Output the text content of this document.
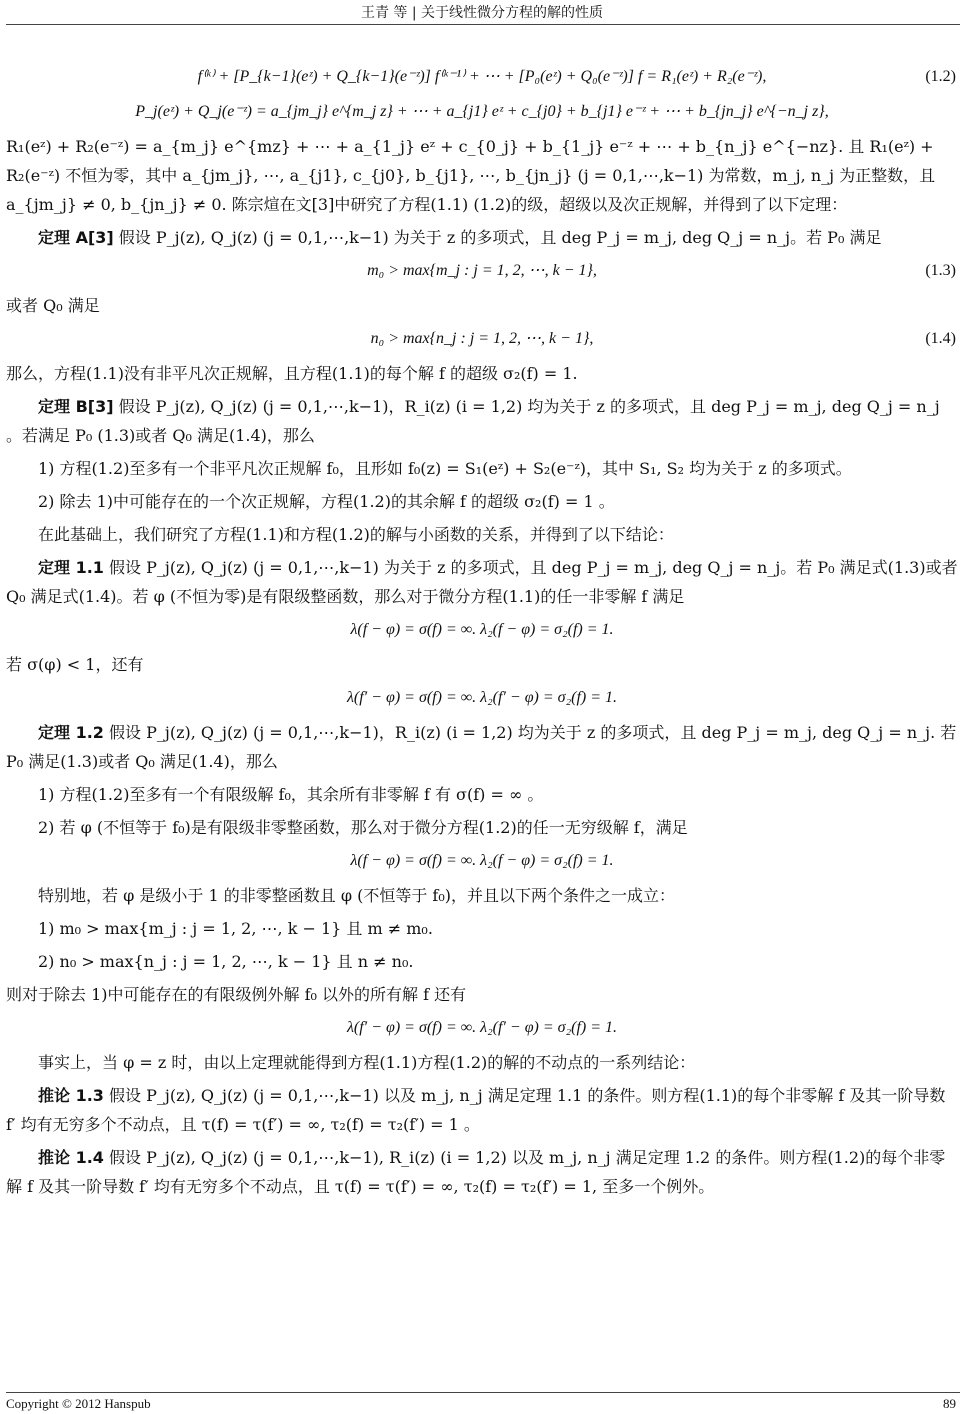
王青 等 | 关于线性微分方程的解的性质
f⁽ᵏ⁾ + [P_{k−1}(eᶻ) + Q_{k−1}(e⁻ᶻ)] f⁽ᵏ⁻¹⁾ + ⋯ + [P₀(eᶻ) + Q₀(e⁻ᶻ)] f = R₁(eᶻ) + R₂(e⁻ᶻ),	(1.2)
P_j(eᶻ) + Q_j(e⁻ᶻ) = a_{jm_j} e^{m_j z} + ⋯ + a_{j1} eᶻ + c_{j0} + b_{j1} e⁻ᶻ + ⋯ + b_{jn_j} e^{−n_j z},

R₁(eᶻ) + R₂(e⁻ᶻ) = a_{m_j} e^{mz} + ⋯ + a_{1_j} eᶻ + c_{0_j} + b_{1_j} e⁻ᶻ + ⋯ + b_{n_j} e^{−nz}. 且 R₁(eᶻ) + R₂(e⁻ᶻ) 不恒为零，其中 a_{jm_j}, ⋯, a_{j1}, c_{j0}, b_{j1}, ⋯, b_{jn_j} (j = 0,1,⋯,k−1) 为常数，m_j, n_j 为正整数，且 a_{jm_j} ≠ 0, b_{jn_j} ≠ 0. 陈宗煊在文[3]中研究了方程(1.1) (1.2)的级，超级以及次正规解，并得到了以下定理：

定理 A[3] 假设 P_j(z), Q_j(z) (j = 0,1,⋯,k−1) 为关于 z 的多项式，且 deg P_j = m_j, deg Q_j = n_j。若 P₀ 满足

m₀ > max{m_j : j = 1, 2, ⋯, k − 1},	(1.3)

或者 Q₀ 满足

n₀ > max{n_j : j = 1, 2, ⋯, k − 1},	(1.4)

那么，方程(1.1)没有非平凡次正规解，且方程(1.1)的每个解 f 的超级 σ₂(f) = 1.

定理 B[3] 假设 P_j(z), Q_j(z) (j = 0,1,⋯,k−1)，R_i(z) (i = 1,2) 均为关于 z 的多项式，且 deg P_j = m_j, deg Q_j = n_j 。若满足 P₀ (1.3)或者 Q₀ 满足(1.4)，那么

1) 方程(1.2)至多有一个非平凡次正规解 f₀，且形如 f₀(z) = S₁(eᶻ) + S₂(e⁻ᶻ)，其中 S₁, S₂ 均为关于 z 的多项式。

2) 除去 1)中可能存在的一个次正规解，方程(1.2)的其余解 f 的超级 σ₂(f) = 1 。

在此基础上，我们研究了方程(1.1)和方程(1.2)的解与小函数的关系，并得到了以下结论：

定理 1.1 假设 P_j(z), Q_j(z) (j = 0,1,⋯,k−1) 为关于 z 的多项式，且 deg P_j = m_j, deg Q_j = n_j。若 P₀ 满足式(1.3)或者 Q₀ 满足式(1.4)。若 φ (不恒为零)是有限级整函数，那么对于微分方程(1.1)的任一非零解 f 满足

λ(f − φ) = σ(f) = ∞. λ₂(f − φ) = σ₂(f) = 1.

若 σ(φ) < 1，还有

λ(f′ − φ) = σ(f) = ∞. λ₂(f′ − φ) = σ₂(f) = 1.

定理 1.2 假设 P_j(z), Q_j(z) (j = 0,1,⋯,k−1)，R_i(z) (i = 1,2) 均为关于 z 的多项式，且 deg P_j = m_j, deg Q_j = n_j. 若 P₀ 满足(1.3)或者 Q₀ 满足(1.4)，那么

1) 方程(1.2)至多有一个有限级解 f₀，其余所有非零解 f 有 σ(f) = ∞ 。

2) 若 φ (不恒等于 f₀)是有限级非零整函数，那么对于微分方程(1.2)的任一无穷级解 f，满足

λ(f − φ) = σ(f) = ∞. λ₂(f − φ) = σ₂(f) = 1.

特别地，若 φ 是级小于 1 的非零整函数且 φ (不恒等于 f₀)，并且以下两个条件之一成立：

1) m₀ > max{m_j : j = 1, 2, ⋯, k − 1} 且 m ≠ m₀.

2) n₀ > max{n_j : j = 1, 2, ⋯, k − 1} 且 n ≠ n₀.

则对于除去 1)中可能存在的有限级例外解 f₀ 以外的所有解 f 还有

λ(f′ − φ) = σ(f) = ∞. λ₂(f′ − φ) = σ₂(f) = 1.

事实上，当 φ = z 时，由以上定理就能得到方程(1.1)方程(1.2)的解的不动点的一系列结论：

推论 1.3 假设 P_j(z), Q_j(z) (j = 0,1,⋯,k−1) 以及 m_j, n_j 满足定理 1.1 的条件。则方程(1.1)的每个非零解 f 及其一阶导数 f′ 均有无穷多个不动点，且 τ(f) = τ(f′) = ∞, τ₂(f) = τ₂(f′) = 1 。

推论 1.4 假设 P_j(z), Q_j(z) (j = 0,1,⋯,k−1), R_i(z) (i = 1,2) 以及 m_j, n_j 满足定理 1.2 的条件。则方程(1.2)的每个非零解 f 及其一阶导数 f′ 均有无穷多个不动点，且 τ(f) = τ(f′) = ∞, τ₂(f) = τ₂(f′) = 1, 至多一个例外。

Copyright © 2012 Hanspub	89
